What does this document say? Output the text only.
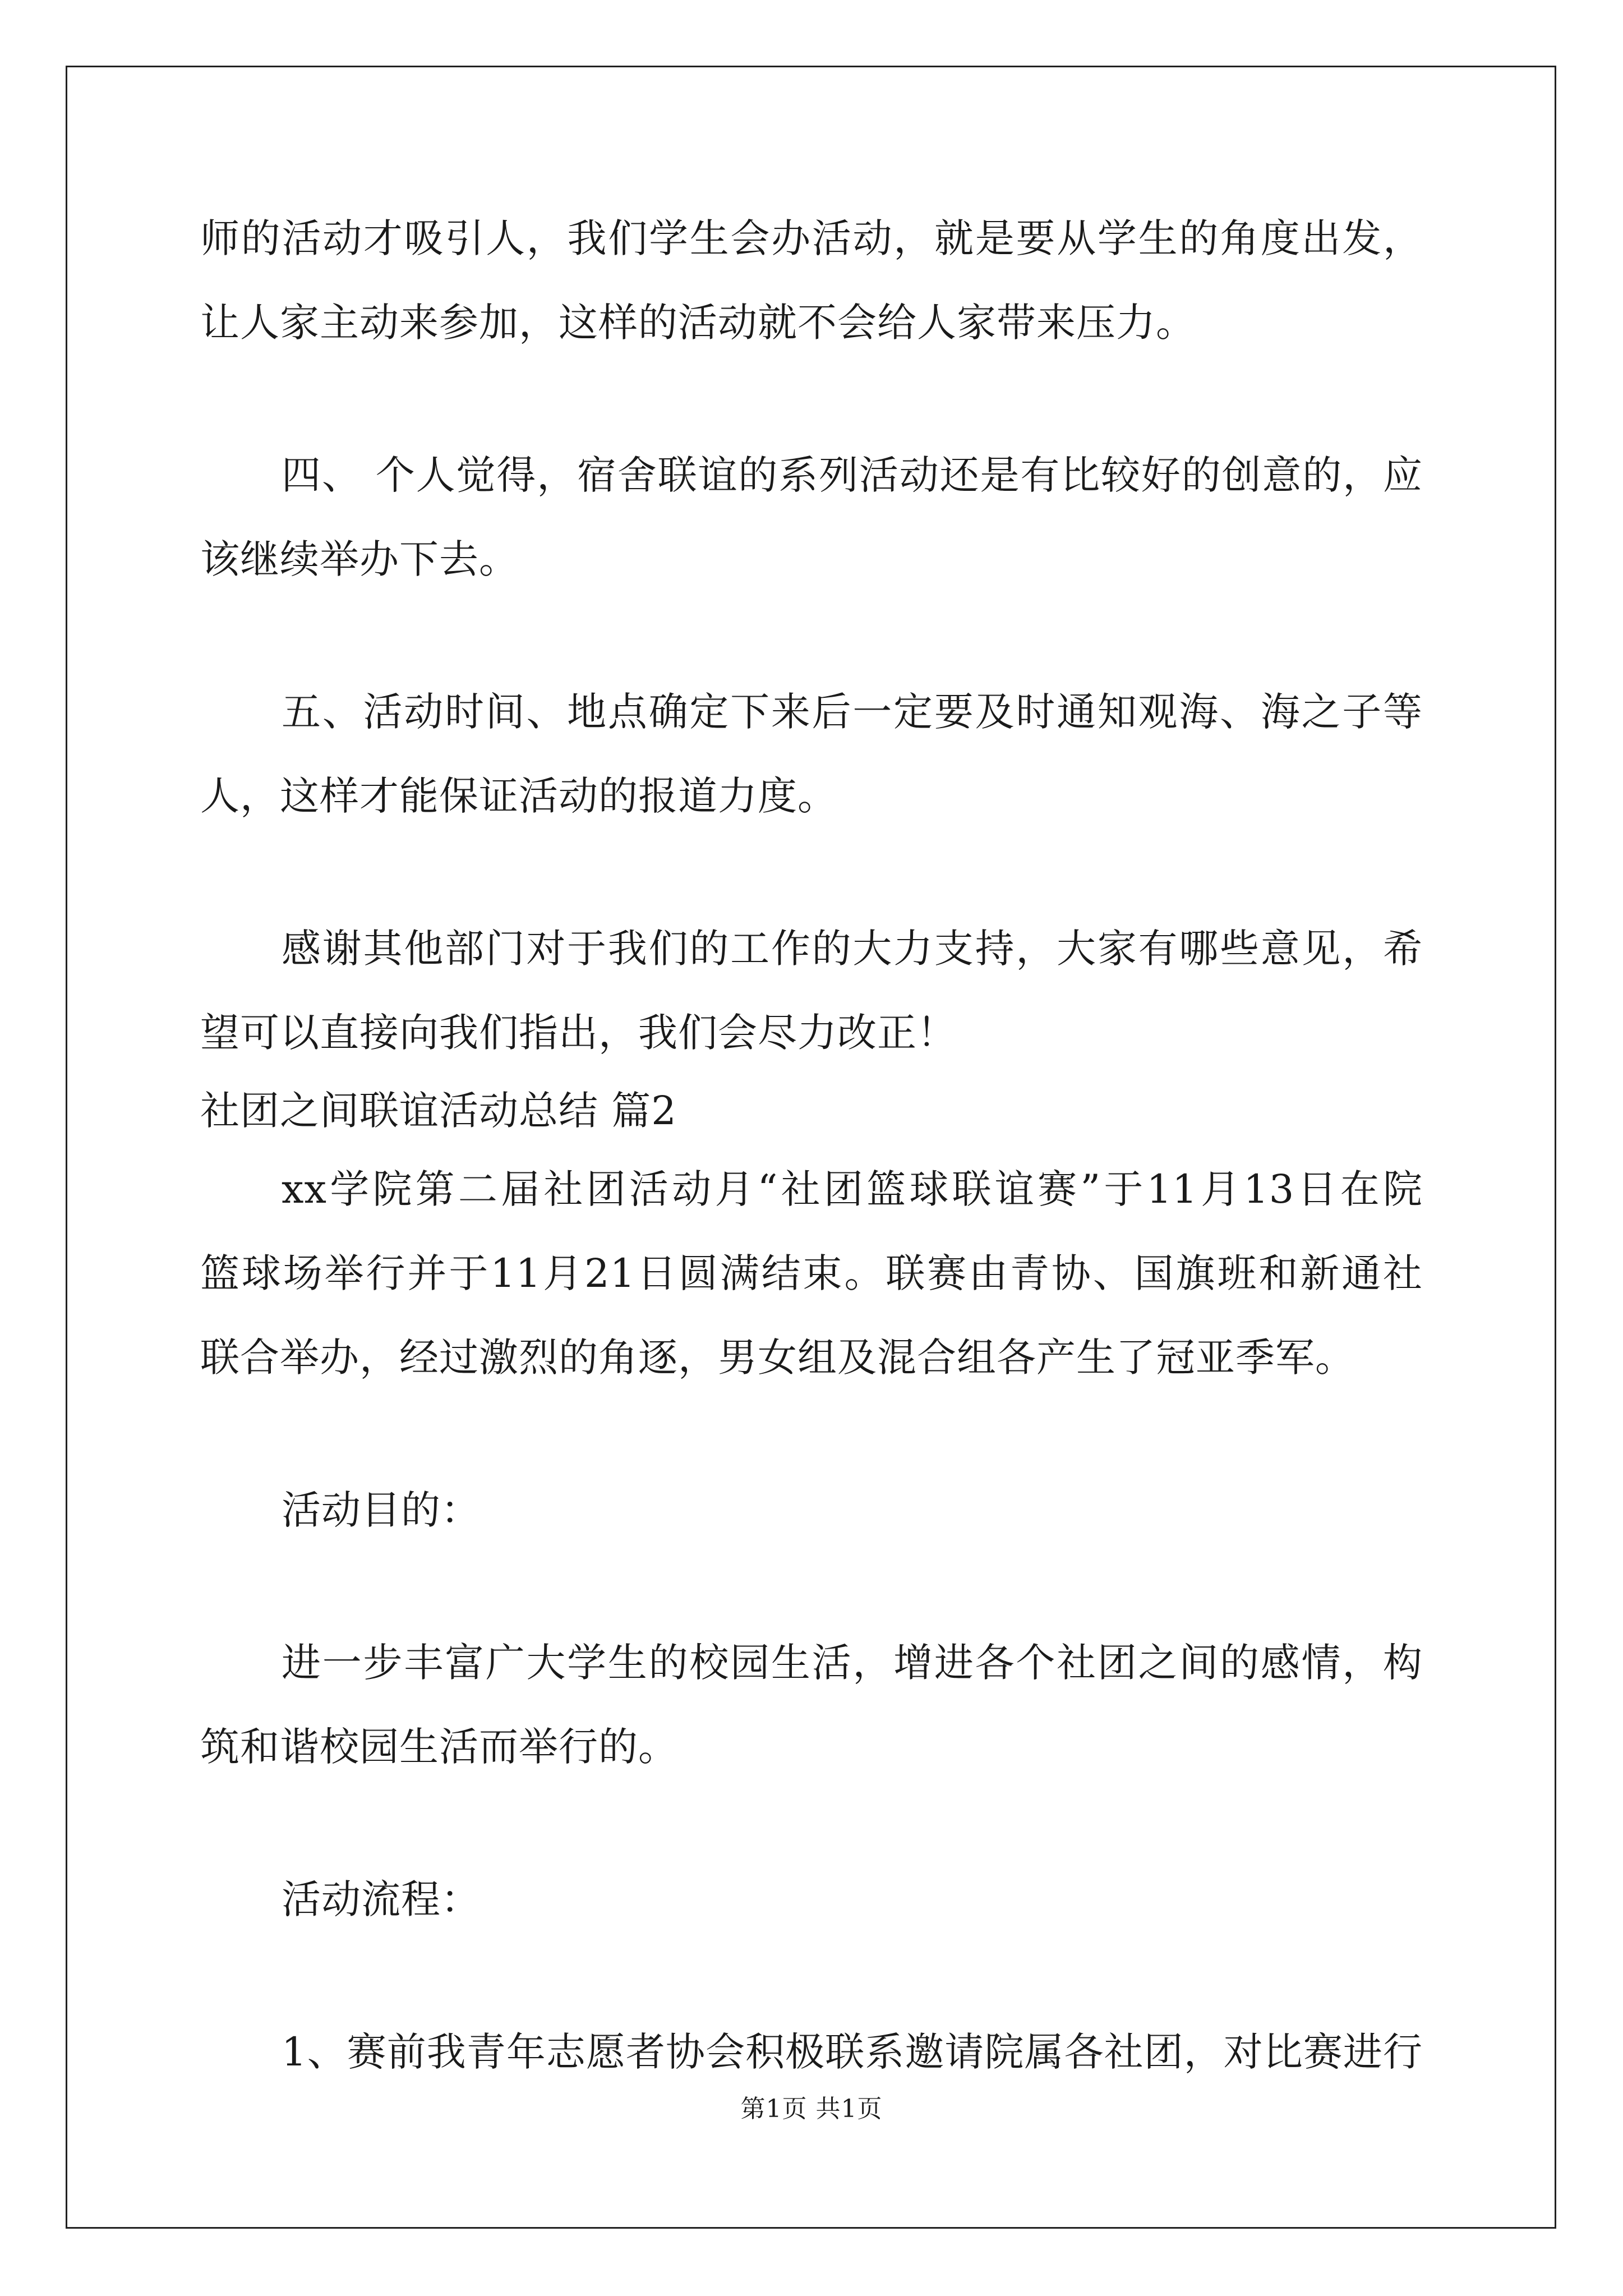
师的活动才吸引人，我们学生会办活动，就是要从学生的角度出发，
让人家主动来参加，这样的活动就不会给人家带来压力。
四、 个人觉得，宿舍联谊的系列活动还是有比较好的创意的，应
该继续举办下去。
五、活动时间、地点确定下来后一定要及时通知观海、海之子等
人，这样才能保证活动的报道力度。
感谢其他部门对于我们的工作的大力支持，大家有哪些意见，希
望可以直接向我们指出，我们会尽力改正！
社团之间联谊活动总结 篇2
xx学院第二届社团活动月“社团篮球联谊赛”于11月13日在院
篮球场举行并于11月21日圆满结束。联赛由青协、国旗班和新通社
联合举办，经过激烈的角逐，男女组及混合组各产生了冠亚季军。
活动目的：
进一步丰富广大学生的校园生活，增进各个社团之间的感情，构
筑和谐校园生活而举行的。
活动流程：
1、赛前我青年志愿者协会积极联系邀请院属各社团，对比赛进行
第1页 共1页
